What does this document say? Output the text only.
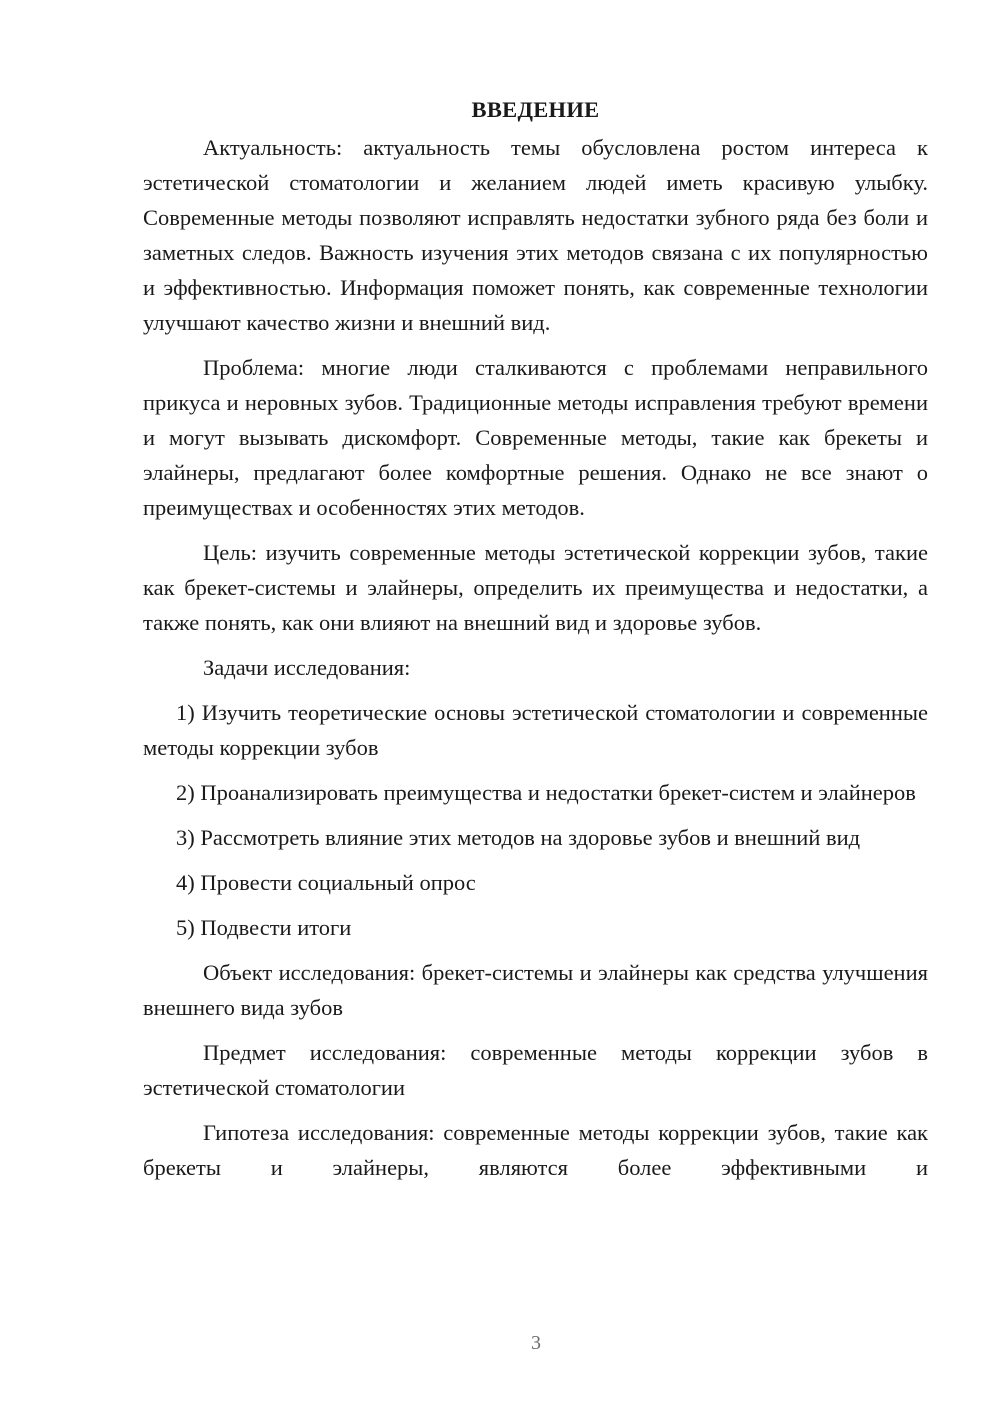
ВВЕДЕНИЕ

Актуальность: актуальность темы обусловлена ростом интереса к эстетической стоматологии и желанием людей иметь красивую улыбку. Современные методы позволяют исправлять недостатки зубного ряда без боли и заметных следов. Важность изучения этих методов связана с их популярностью и эффективностью. Информация поможет понять, как современные технологии улучшают качество жизни и внешний вид.

Проблема: многие люди сталкиваются с проблемами неправильного прикуса и неровных зубов. Традиционные методы исправления требуют времени и могут вызывать дискомфорт. Современные методы, такие как брекеты и элайнеры, предлагают более комфортные решения. Однако не все знают о преимуществах и особенностях этих методов.

Цель: изучить современные методы эстетической коррекции зубов, такие как брекет-системы и элайнеры, определить их преимущества и недостатки, а также понять, как они влияют на внешний вид и здоровье зубов.

Задачи исследования:

1) Изучить теоретические основы эстетической стоматологии и современные методы коррекции зубов

2) Проанализировать преимущества и недостатки брекет-систем и элайнеров

3) Рассмотреть влияние этих методов на здоровье зубов и внешний вид

4) Провести социальный опрос

5) Подвести итоги

Объект исследования: брекет-системы и элайнеры как средства улучшения внешнего вида зубов

Предмет исследования: современные методы коррекции зубов в эстетической стоматологии

Гипотеза исследования: современные методы коррекции зубов, такие как брекеты и элайнеры, являются более эффективными и

3
